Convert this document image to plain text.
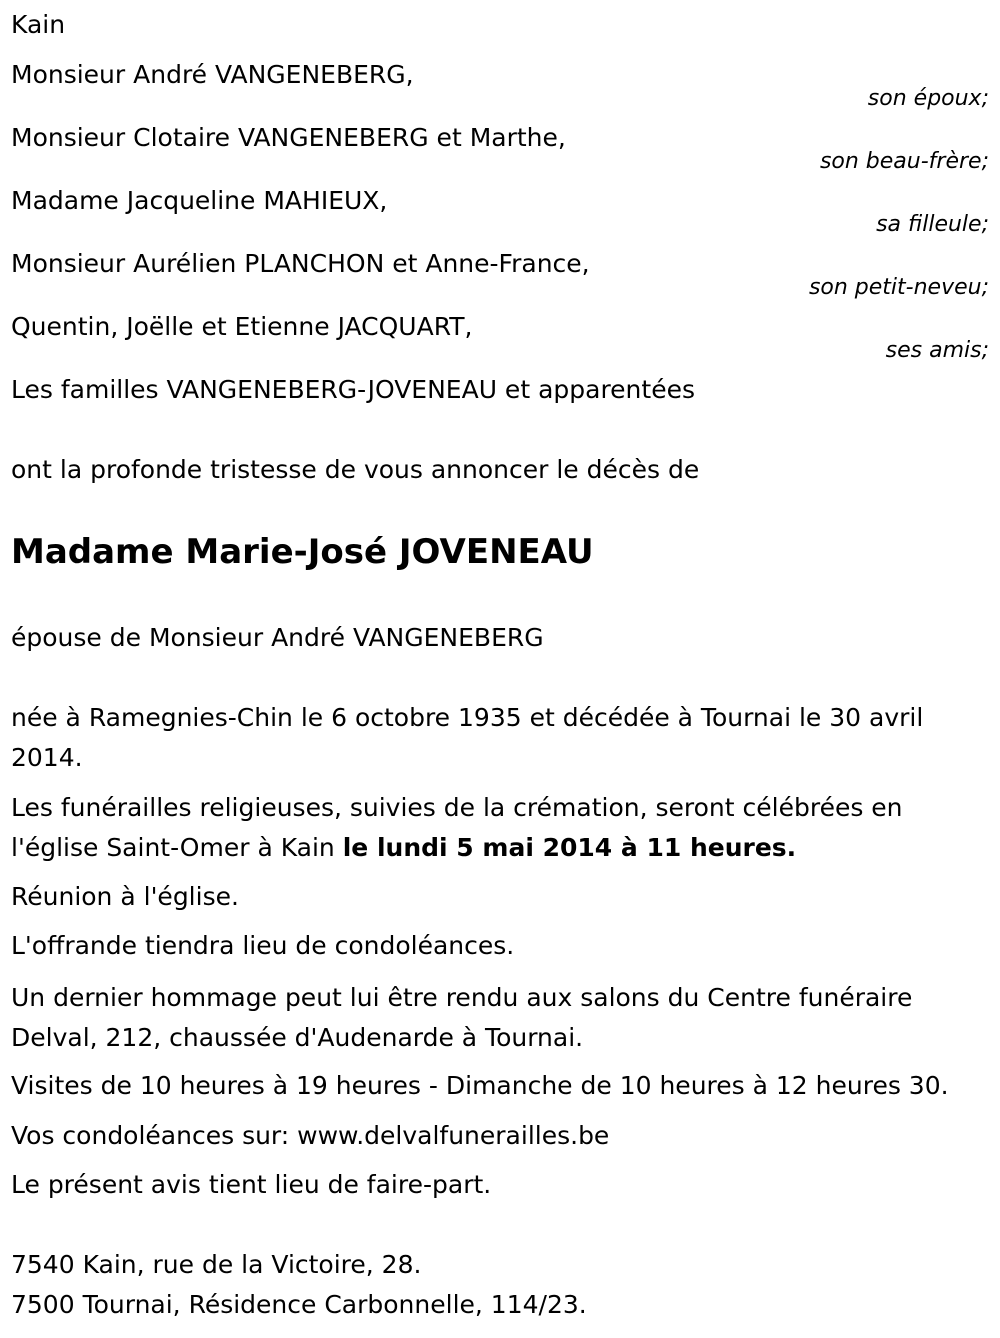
Kain
Monsieur André VANGENEBERG,
son époux;
Monsieur Clotaire VANGENEBERG et Marthe,
son beau-frère;
Madame Jacqueline MAHIEUX,
sa filleule;
Monsieur Aurélien PLANCHON et Anne-France,
son petit-neveu;
Quentin, Joëlle et Etienne JACQUART,
ses amis;
Les familles VANGENEBERG-JOVENEAU et apparentées
ont la profonde tristesse de vous annoncer le décès de
Madame Marie-José JOVENEAU
épouse de Monsieur André VANGENEBERG
née à Ramegnies-Chin le 6 octobre 1935 et décédée à Tournai le 30 avril 2014.
Les funérailles religieuses, suivies de la crémation, seront célébrées en l'église Saint-Omer à Kain le lundi 5 mai 2014 à 11 heures.
Réunion à l'église.
L'offrande tiendra lieu de condoléances.
Un dernier hommage peut lui être rendu aux salons du Centre funéraire Delval, 212, chaussée d'Audenarde à Tournai.
Visites de 10 heures à 19 heures - Dimanche de 10 heures à 12 heures 30.
Vos condoléances sur: www.delvalfunerailles.be
Le présent avis tient lieu de faire-part.
7540 Kain, rue de la Victoire, 28.
7500 Tournai, Résidence Carbonnelle, 114/23.
